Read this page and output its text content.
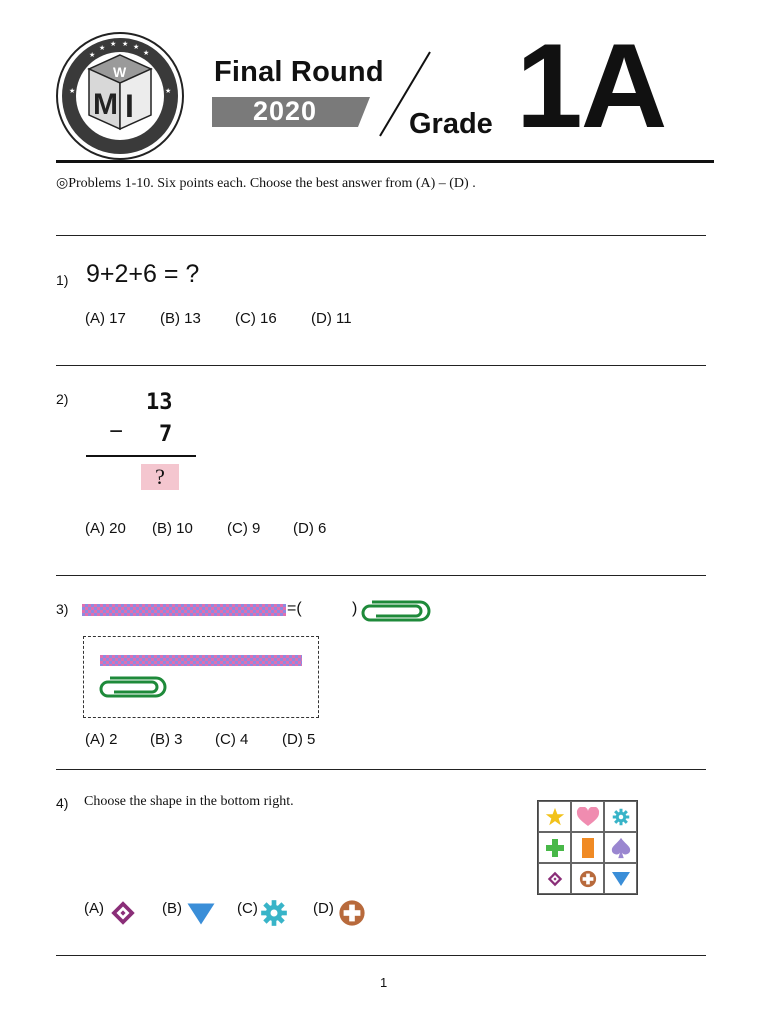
★
★ ★ ★ ★
★
★	★
W
M I
Final Round
2020	Grade 1A
◎Problems 1-10. Six points each. Choose the best answer from (A) – (D) .
1) 9+2+6 = ?
(A) 17 (B) 13 (C) 16 (D) 11
2)	13
− 7
?
(A) 20 (B) 10 (C) 9 (D) 6
3)	=(	)
(A) 2 (B) 3 (C) 4 (D) 5
4) Choose the shape in the bottom right.
(A)	(B)	(C)	(D)
1
